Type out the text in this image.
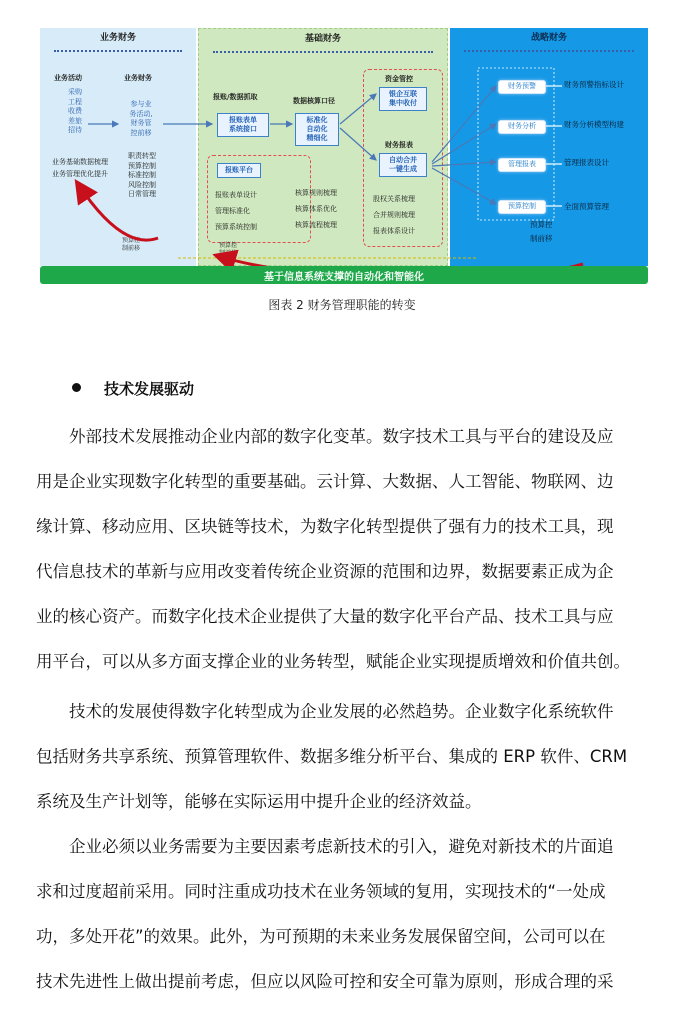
业务财务
业务活动
采购
工程
收费
差旅
招待
业务财务
参与业
务活动,
财务管
控前移
职责转型
预算控制
标准控制
风险控制
日常管理
业务基础数据梳理
业务管理优化提升
预算控
制前移
基础财务
报账/数据抓取
报账表单
系统接口
报账平台
报账表单设计
管理标准化
预算系统控制
数据核算口径
标准化
自动化
精细化
核算规则梳理
核算体系优化
核算流程梳理
资金管控
银企互联
集中收付
财务报表
自动合并
一键生成
股权关系梳理
合并规则梳理
报表体系设计
预算控
制前移
战略财务
财务预警	财务预警指标设计
财务分析	财务分析模型构建
管理报表	管理报表设计
预算控制	全面预算管理
预算控
制前移
基于信息系统支撑的自动化和智能化
图表 2 财务管理职能的转变
技术发展驱动

　　外部技术发展推动企业内部的数字化变革。数字技术工具与平台的建设及应

用是企业实现数字化转型的重要基础。云计算、大数据、人工智能、物联网、边

缘计算、移动应用、区块链等技术，为数字化转型提供了强有力的技术工具，现

代信息技术的革新与应用改变着传统企业资源的范围和边界，数据要素正成为企

业的核心资产。而数字化技术企业提供了大量的数字化平台产品、技术工具与应

用平台，可以从多方面支撑企业的业务转型，赋能企业实现提质增效和价值共创。

　　技术的发展使得数字化转型成为企业发展的必然趋势。企业数字化系统软件

包括财务共享系统、预算管理软件、数据多维分析平台、集成的 ERP 软件、CRM

系统及生产计划等，能够在实际运用中提升企业的经济效益。

　　企业必须以业务需要为主要因素考虑新技术的引入，避免对新技术的片面追

求和过度超前采用。同时注重成功技术在业务领域的复用，实现技术的“一处成

功，多处开花”的效果。此外，为可预期的未来业务发展保留空间，公司可以在

技术先进性上做出提前考虑，但应以风险可控和安全可靠为原则，形成合理的采
